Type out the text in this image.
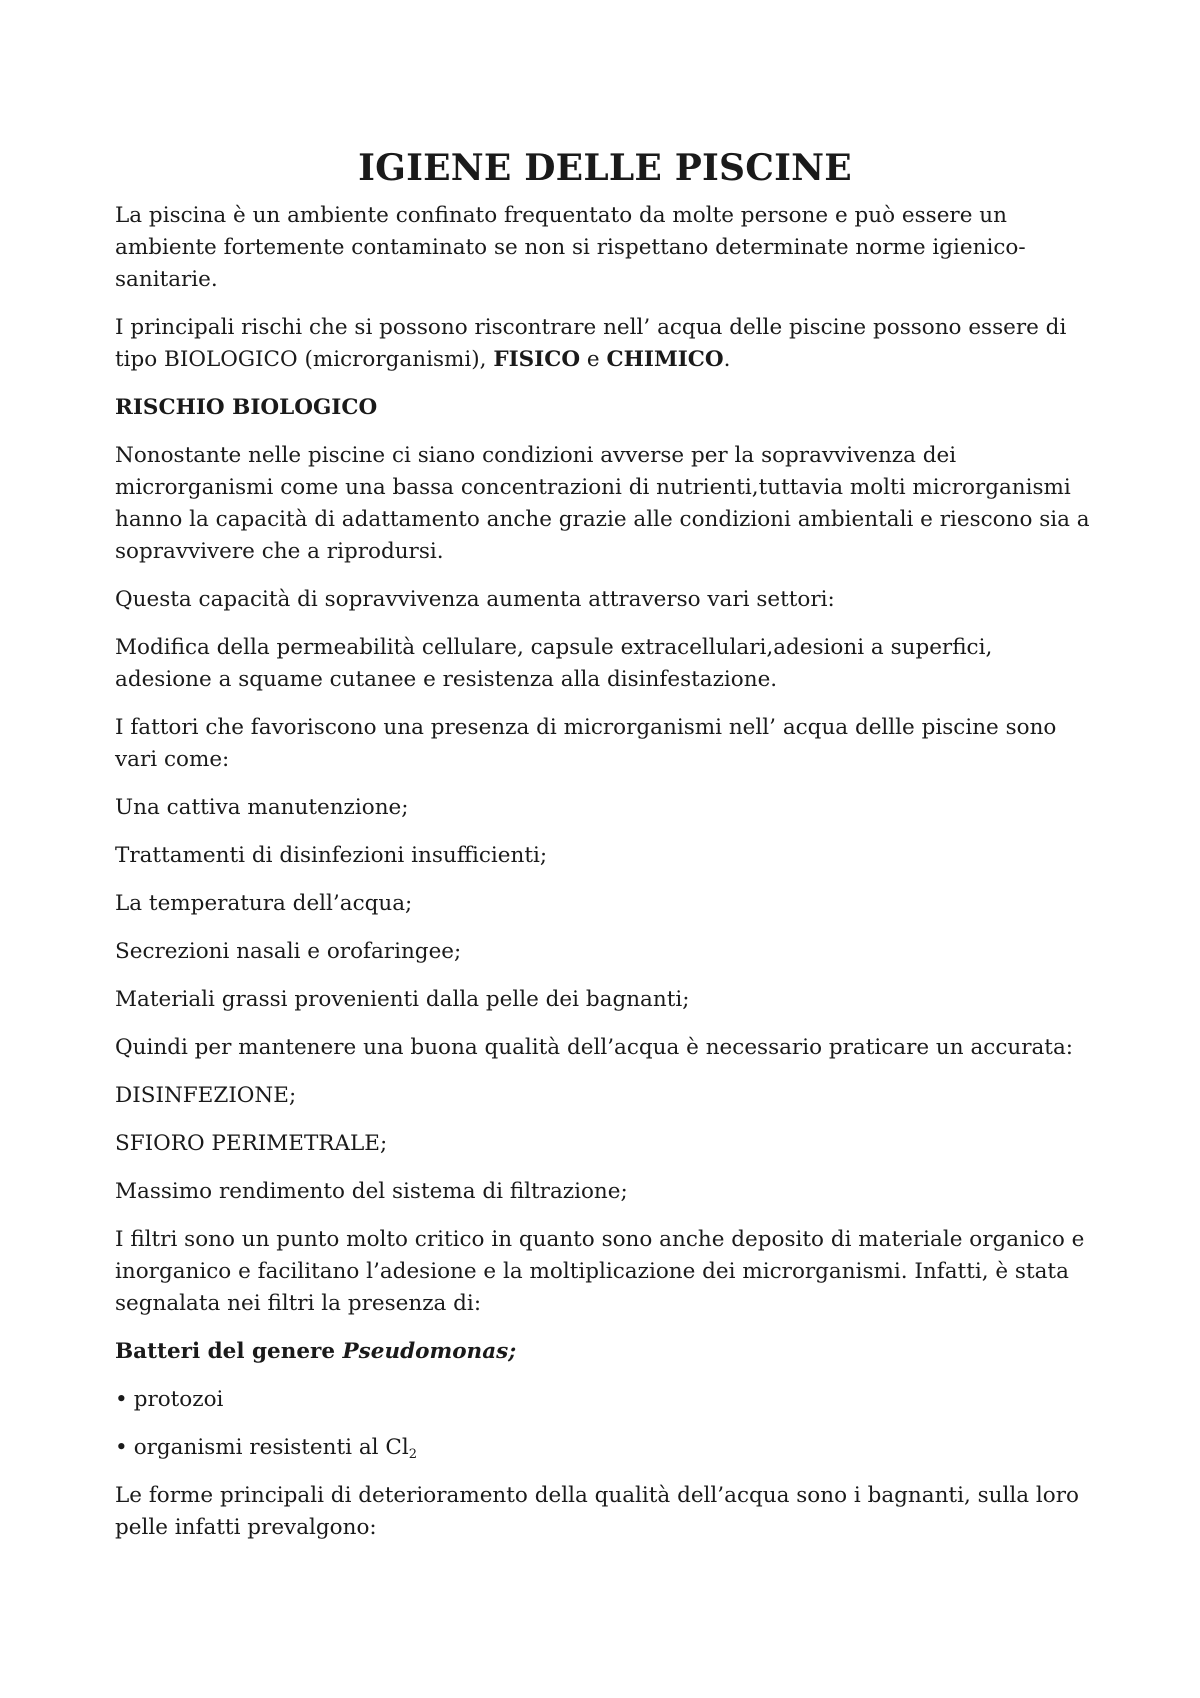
IGIENE DELLE PISCINE

La piscina è un ambiente confinato frequentato da molte persone e può essere un ambiente fortemente contaminato se non si rispettano determinate norme igienico-sanitarie.

I principali rischi che si possono riscontrare nell’ acqua delle piscine possono essere di tipo BIOLOGICO (microrganismi), FISICO e CHIMICO.

RISCHIO BIOLOGICO

Nonostante nelle piscine ci siano condizioni avverse per la sopravvivenza dei microrganismi come una bassa concentrazioni di nutrienti,tuttavia molti microrganismi hanno la capacità di adattamento anche grazie alle condizioni ambientali e riescono sia a sopravvivere che a riprodursi.

Questa capacità di sopravvivenza aumenta attraverso vari settori:

Modifica della permeabilità cellulare, capsule extracellulari,adesioni a superfici, adesione a squame cutanee e resistenza alla disinfestazione.

I fattori che favoriscono una presenza di microrganismi nell’ acqua dellle piscine sono vari come:

Una cattiva manutenzione;

Trattamenti di disinfezioni insufficienti;

La temperatura dell’acqua;

Secrezioni nasali e orofaringee;

Materiali grassi provenienti dalla pelle dei bagnanti;

Quindi per mantenere una buona qualità dell’acqua è necessario praticare un accurata:

DISINFEZIONE;

SFIORO PERIMETRALE;

Massimo rendimento del sistema di filtrazione;

I filtri sono un punto molto critico in quanto sono anche deposito di materiale organico e inorganico e facilitano l’adesione e la moltiplicazione dei microrganismi. Infatti, è stata segnalata nei filtri la presenza di:

Batteri del genere Pseudomonas;

• protozoi

• organismi resistenti al $Cl_2$

Le forme principali di deterioramento della qualità dell’acqua sono i bagnanti, sulla loro pelle infatti prevalgono:
